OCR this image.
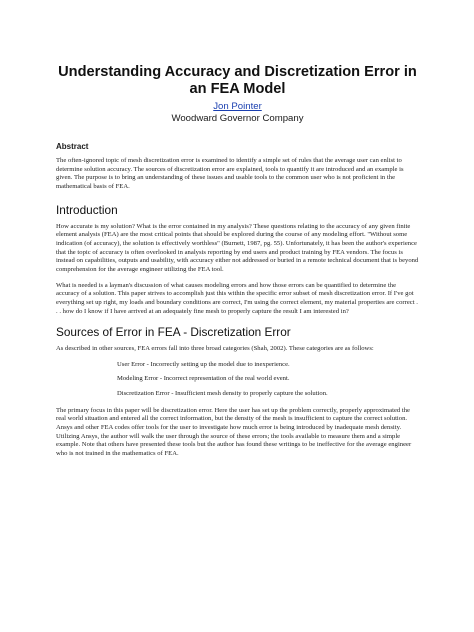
Understanding Accuracy and Discretization Error in an FEA Model
Jon Pointer
Woodward Governor Company
Abstract

The often-ignored topic of mesh discretization error is examined to identify a simple set of rules that the average user can enlist to determine solution accuracy. The sources of discretization error are explained, tools to quantify it are introduced and an example is given. The purpose is to bring an understanding of these issues and usable tools to the common user who is not proficient in the mathematical basis of FEA.

Introduction

How accurate is my solution? What is the error contained in my analysis? These questions relating to the accuracy of any given finite element analysis (FEA) are the most critical points that should be explored during the course of any modeling effort. "Without some indication (of accuracy), the solution is effectively worthless" (Burnett, 1987, pg. 55). Unfortunately, it has been the author's experience that the topic of accuracy is often overlooked in analysis reporting by end users and product training by FEA vendors. The focus is instead on capabilities, outputs and usability, with accuracy either not addressed or buried in a remote technical document that is beyond comprehension for the average engineer utilizing the FEA tool.

What is needed is a layman's discussion of what causes modeling errors and how those errors can be quantified to determine the accuracy of a solution. This paper strives to accomplish just this within the specific error subset of mesh discretization error. If I've got everything set up right, my loads and boundary conditions are correct, I'm using the correct element, my material properties are correct . . . how do I know if I have arrived at an adequately fine mesh to properly capture the result I am interested in?

Sources of Error in FEA - Discretization Error

As described in other sources, FEA errors fall into three broad categories (Shah, 2002). These categories are as follows:

User Error - Incorrectly setting up the model due to inexperience.
Modeling Error - Incorrect representation of the real world event.
Discretization Error - Insufficient mesh density to properly capture the solution.

The primary focus in this paper will be discretization error. Here the user has set up the problem correctly, properly approximated the real world situation and entered all the correct information, but the density of the mesh is insufficient to capture the correct solution. Ansys and other FEA codes offer tools for the user to investigate how much error is being introduced by inadequate mesh density. Utilizing Ansys, the author will walk the user through the source of these errors; the tools available to measure them and a simple example. Note that others have presented these tools but the author has found these writings to be ineffective for the average engineer who is not trained in the mathematics of FEA.
